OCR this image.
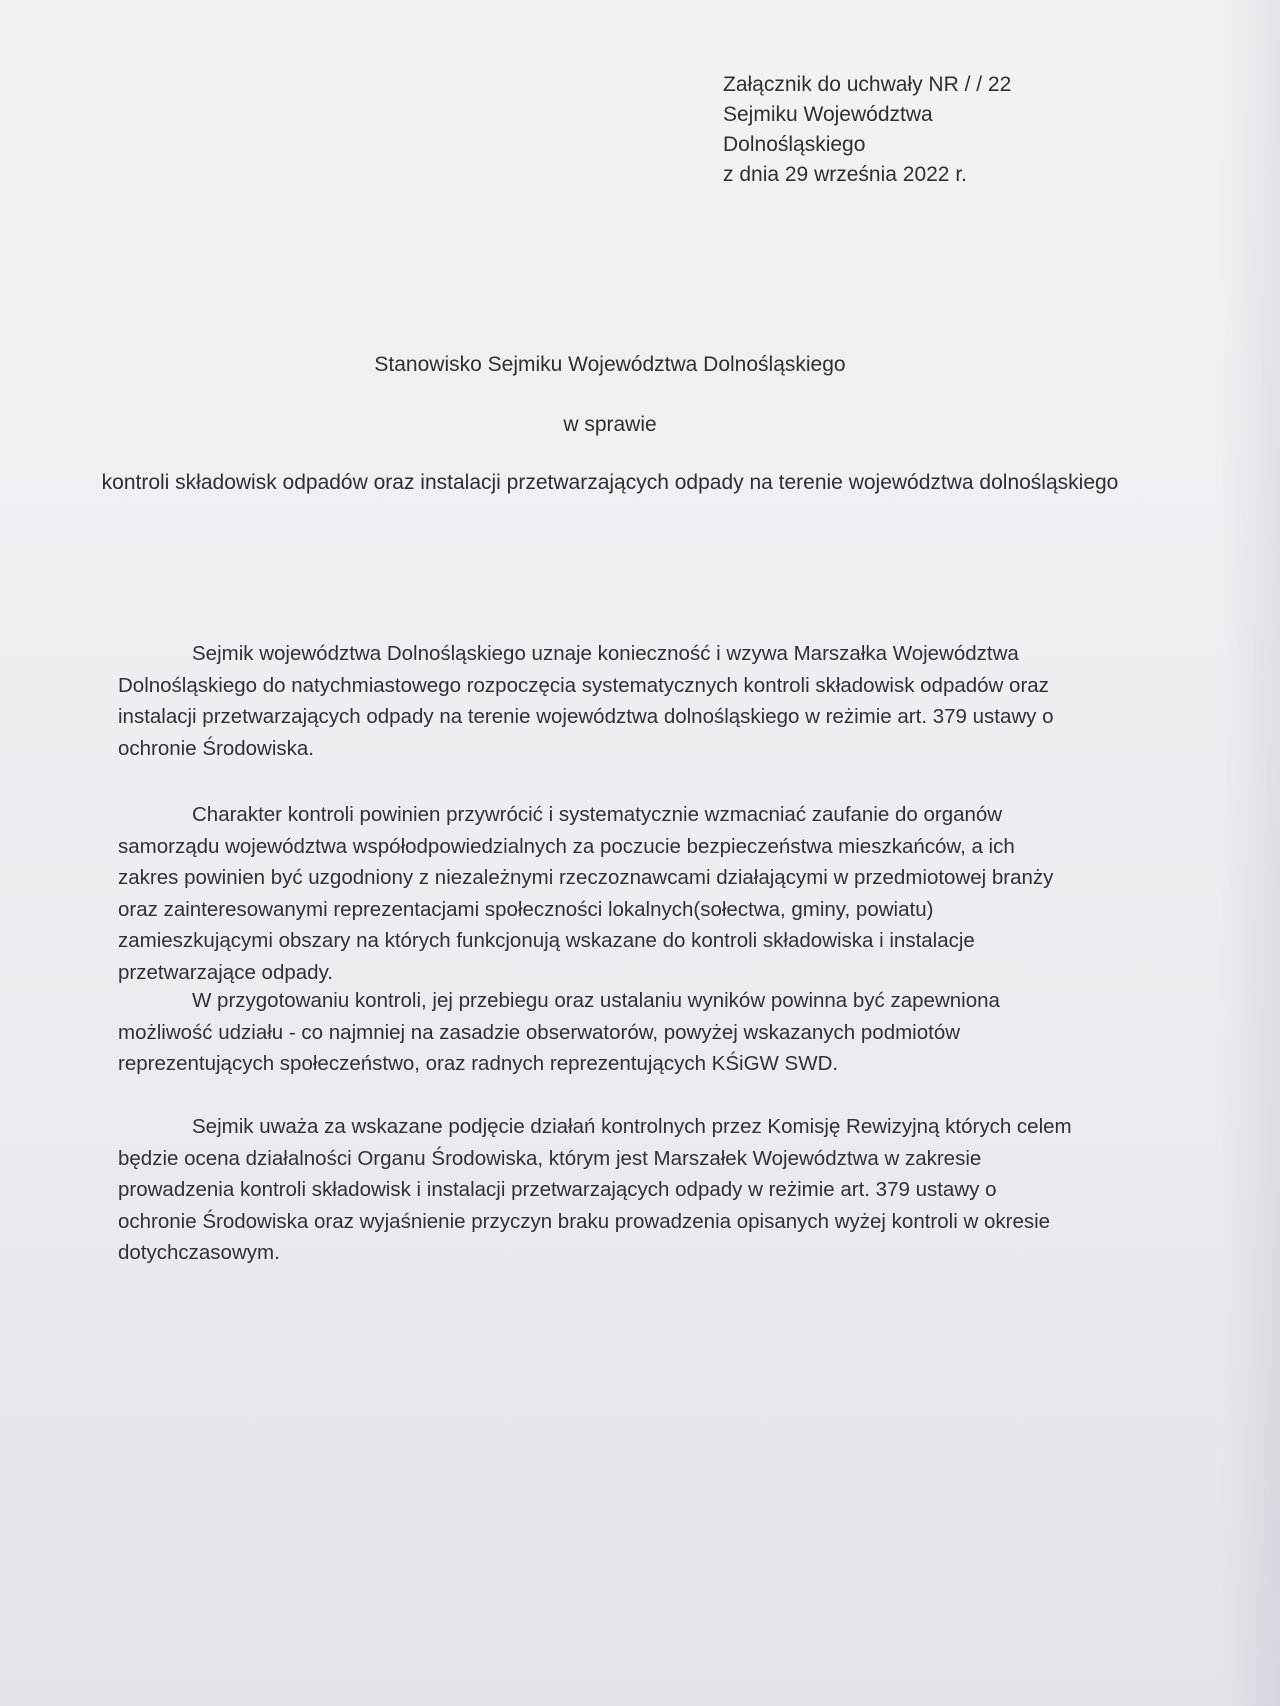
Załącznik do uchwały NR / / 22
Sejmiku Województwa
Dolnośląskiego
z dnia 29 września 2022 r.
Stanowisko Sejmiku Województwa Dolnośląskiego
w sprawie
kontroli składowisk odpadów oraz instalacji przetwarzających odpady na terenie województwa dolnośląskiego
Sejmik województwa Dolnośląskiego uznaje konieczność i wzywa Marszałka Województwa Dolnośląskiego do natychmiastowego rozpoczęcia systematycznych kontroli składowisk odpadów oraz instalacji przetwarzających odpady na terenie województwa dolnośląskiego w reżimie art. 379 ustawy o ochronie Środowiska.
Charakter kontroli powinien przywrócić i systematycznie wzmacniać zaufanie do organów samorządu województwa współodpowiedzialnych za poczucie bezpieczeństwa mieszkańców, a ich zakres powinien być uzgodniony z niezależnymi rzeczoznawcami działającymi w przedmiotowej branży oraz zainteresowanymi reprezentacjami społeczności lokalnych(sołectwa, gminy, powiatu) zamieszkującymi obszary na których funkcjonują wskazane do kontroli składowiska i instalacje przetwarzające odpady.
W przygotowaniu kontroli, jej przebiegu oraz ustalaniu wyników powinna być zapewniona możliwość udziału - co najmniej na zasadzie obserwatorów, powyżej wskazanych podmiotów reprezentujących społeczeństwo, oraz radnych reprezentujących KŚiGW SWD.
Sejmik uważa za wskazane podjęcie działań kontrolnych przez Komisję Rewizyjną których celem będzie ocena działalności Organu Środowiska, którym jest Marszałek Województwa w zakresie prowadzenia kontroli składowisk i instalacji przetwarzających odpady w reżimie art. 379 ustawy o ochronie Środowiska oraz wyjaśnienie przyczyn braku prowadzenia opisanych wyżej kontroli w okresie dotychczasowym.
